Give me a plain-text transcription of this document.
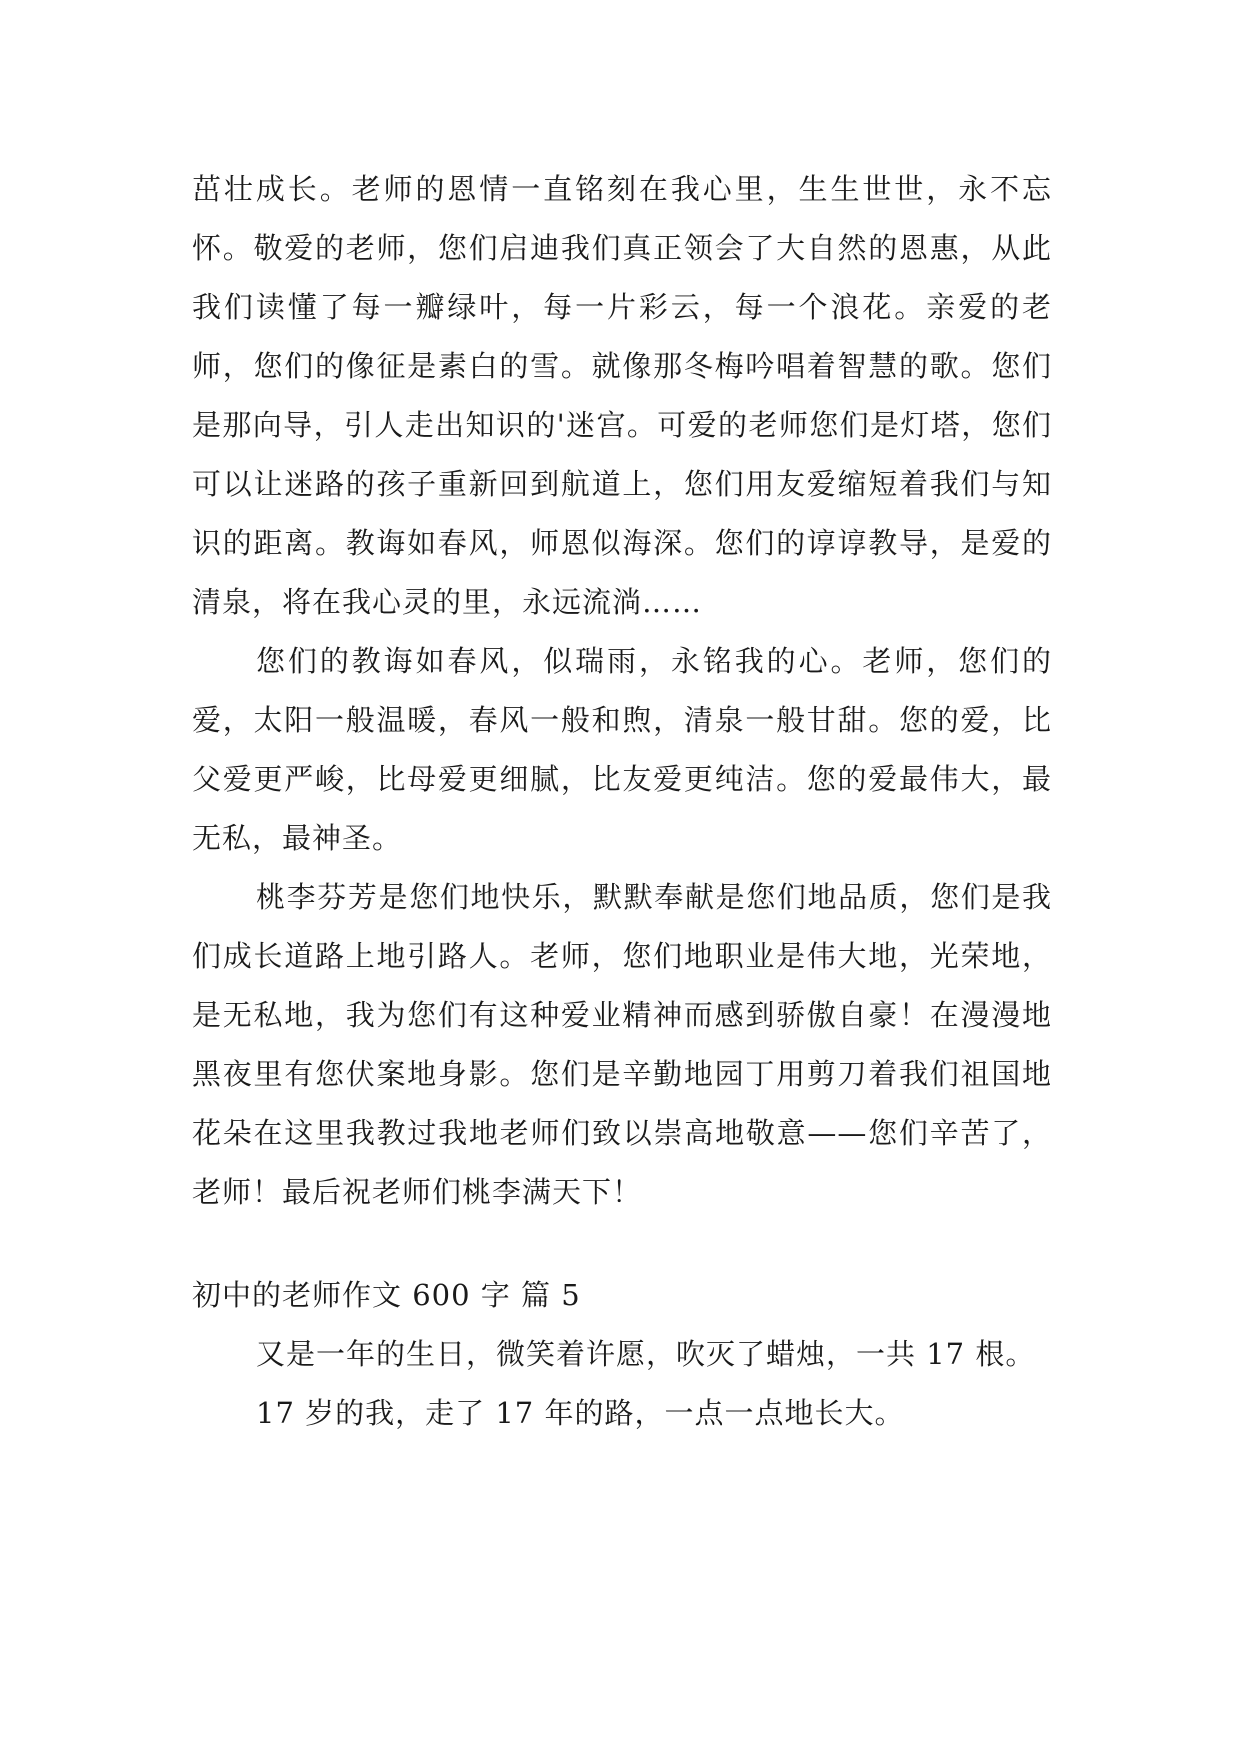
茁壮成长。老师的恩情一直铭刻在我心里，生生世世，永不忘怀。敬爱的老师，您们启迪我们真正领会了大自然的恩惠，从此我们读懂了每一瓣绿叶，每一片彩云，每一个浪花。亲爱的老师，您们的像征是素白的雪。就像那冬梅吟唱着智慧的歌。您们是那向导，引人走出知识的'迷宫。可爱的老师您们是灯塔，您们可以让迷路的孩子重新回到航道上，您们用友爱缩短着我们与知识的距离。教诲如春风，师恩似海深。您们的谆谆教导，是爱的清泉，将在我心灵的里，永远流淌……

您们的教诲如春风，似瑞雨，永铭我的心。老师，您们的爱，太阳一般温暖，春风一般和煦，清泉一般甘甜。您的爱，比父爱更严峻，比母爱更细腻，比友爱更纯洁。您的爱最伟大，最无私，最神圣。

桃李芬芳是您们地快乐，默默奉献是您们地品质，您们是我们成长道路上地引路人。老师，您们地职业是伟大地，光荣地，是无私地，我为您们有这种爱业精神而感到骄傲自豪！在漫漫地黑夜里有您伏案地身影。您们是辛勤地园丁用剪刀着我们祖国地花朵在这里我教过我地老师们致以崇高地敬意——您们辛苦了，老师！最后祝老师们桃李满天下！

初中的老师作文 600 字 篇 5

又是一年的生日，微笑着许愿，吹灭了蜡烛，一共 17 根。

17 岁的我，走了 17 年的路，一点一点地长大。
